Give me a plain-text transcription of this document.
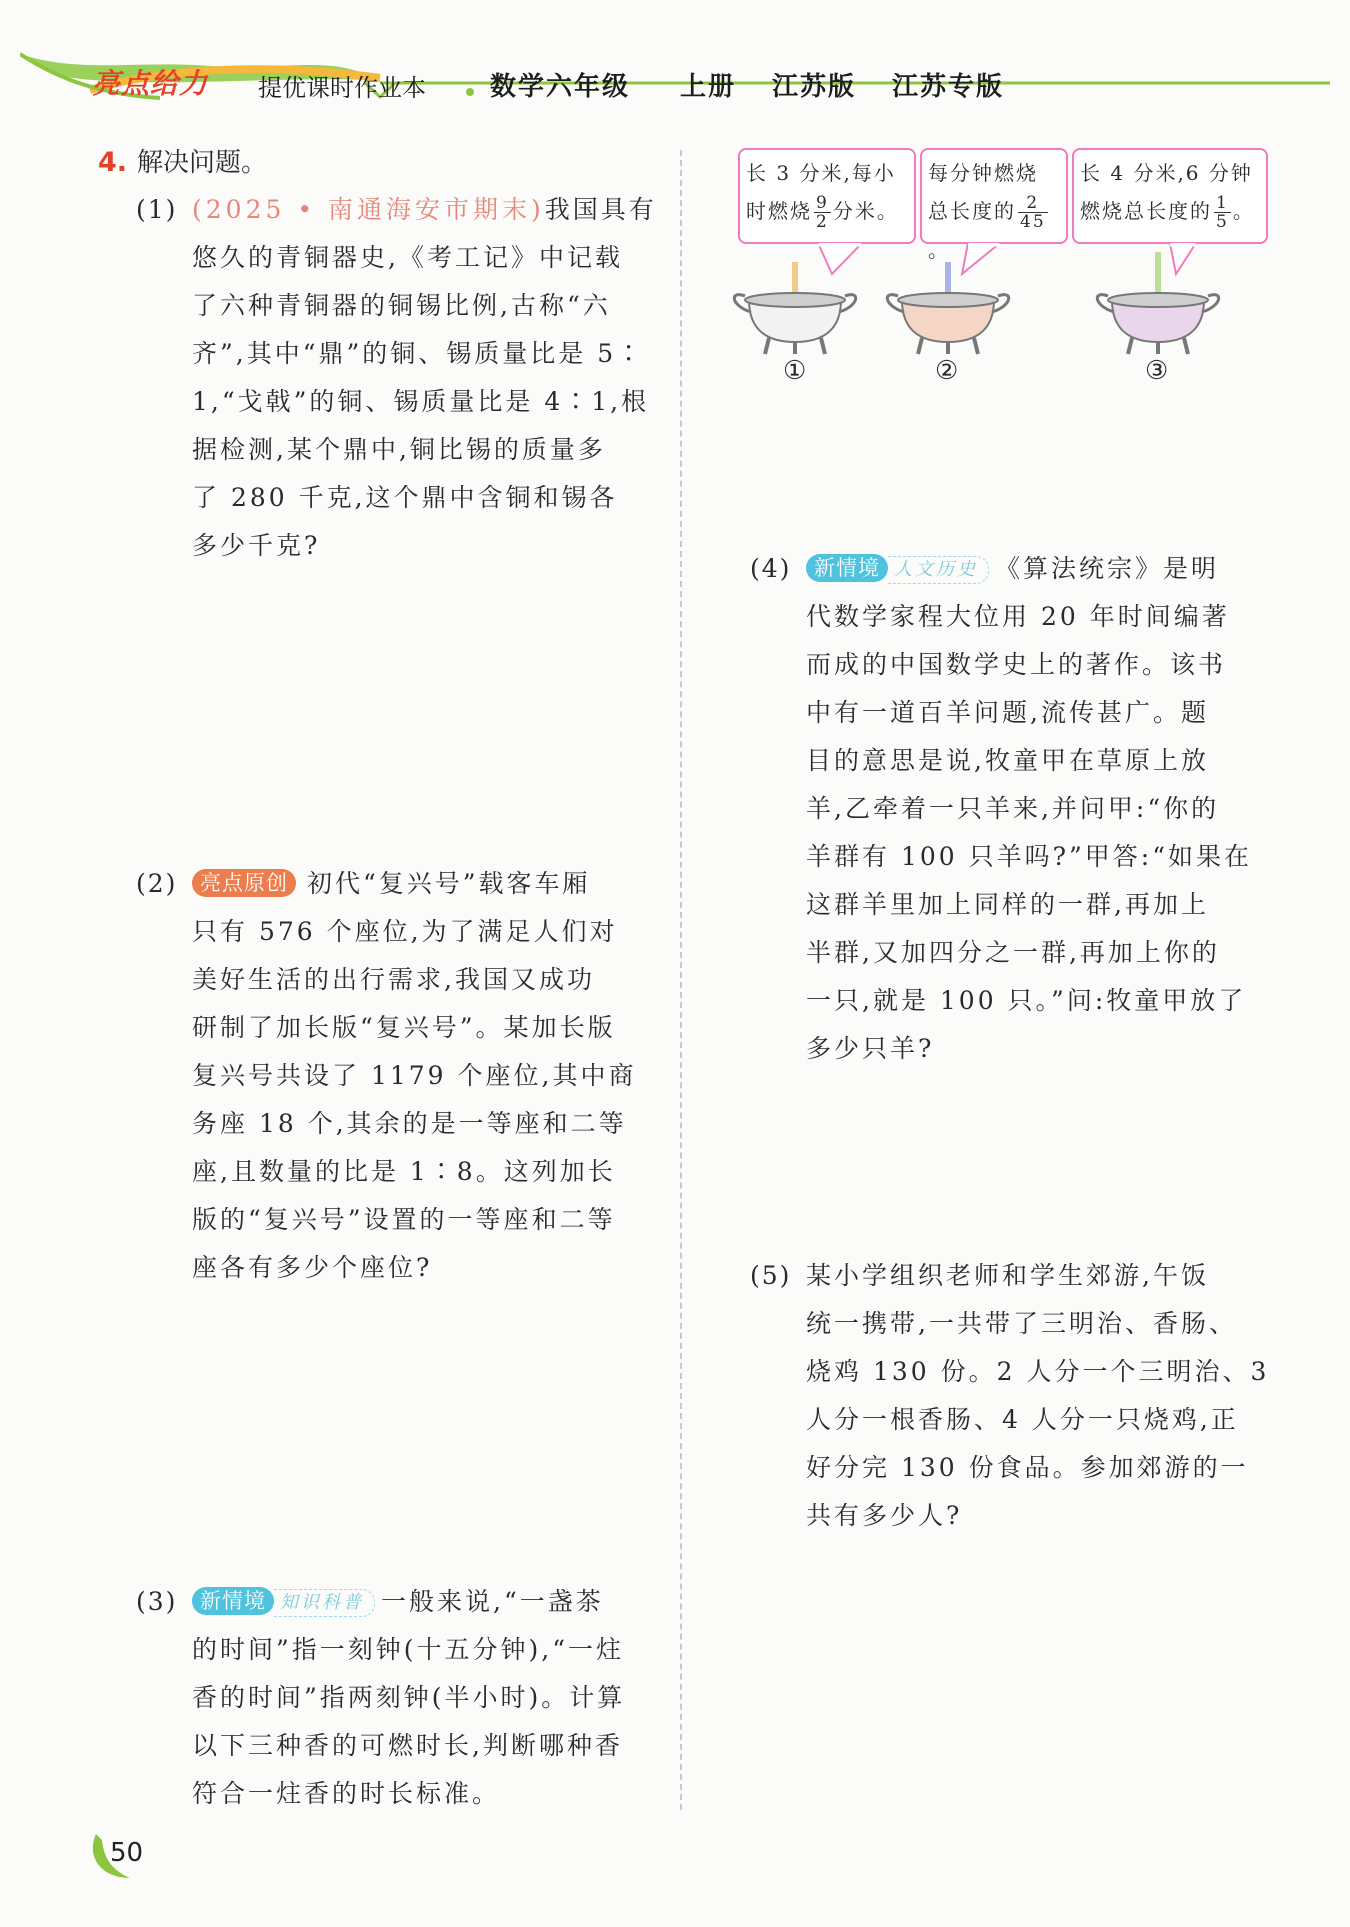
亮点给力 提优课时作业本 数学六年级 上册 江苏版 江苏专版
4. 解决问题。
(1) (2025 • 南通海安市期末)我国具有
悠久的青铜器史,《考工记》中记载
了六种青铜器的铜锡比例,古称“六
齐”,其中“鼎”的铜、锡质量比是 5∶
1,“戈戟”的铜、锡质量比是 4∶1,根
据检测,某个鼎中,铜比锡的质量多
了 280 千克,这个鼎中含铜和锡各
多少千克?
(2)	亮点原创 初代“复兴号”载客车厢
只有 576 个座位,为了满足人们对
美好生活的出行需求,我国又成功
研制了加长版“复兴号”。某加长版
复兴号共设了 1179 个座位,其中商
务座 18 个,其余的是一等座和二等
座,且数量的比是 1∶8。这列加长
版的“复兴号”设置的一等座和二等
座各有多少个座位?
(3)	新情境 知识科普 一般来说,“一盏茶
的时间”指一刻钟(十五分钟),“一炷
香的时间”指两刻钟(半小时)。计算
以下三种香的可燃时长,判断哪种香
符合一炷香的时长标准。
长 3 分米,每小
时燃烧 $\frac{9}{2}$ 分米。
每分钟燃烧
总长度的 $\frac{2}{45}$
。
长 4 分米,6 分钟
燃烧总长度的 $\frac{1}{5}$ 。
①	②	③
(4)	新情境 人文历史 《算法统宗》是明
代数学家程大位用 20 年时间编著
而成的中国数学史上的著作。该书
中有一道百羊问题,流传甚广。题
目的意思是说,牧童甲在草原上放
羊,乙牵着一只羊来,并问甲:“你的
羊群有 100 只羊吗?”甲答:“如果在
这群羊里加上同样的一群,再加上
半群,又加四分之一群,再加上你的
一只,就是 100 只。”问:牧童甲放了
多少只羊?
(5) 某小学组织老师和学生郊游,午饭
统一携带,一共带了三明治、香肠、
烧鸡 130 份。2 人分一个三明治、3
人分一根香肠、4 人分一只烧鸡,正
好分完 130 份食品。参加郊游的一
共有多少人?
50
